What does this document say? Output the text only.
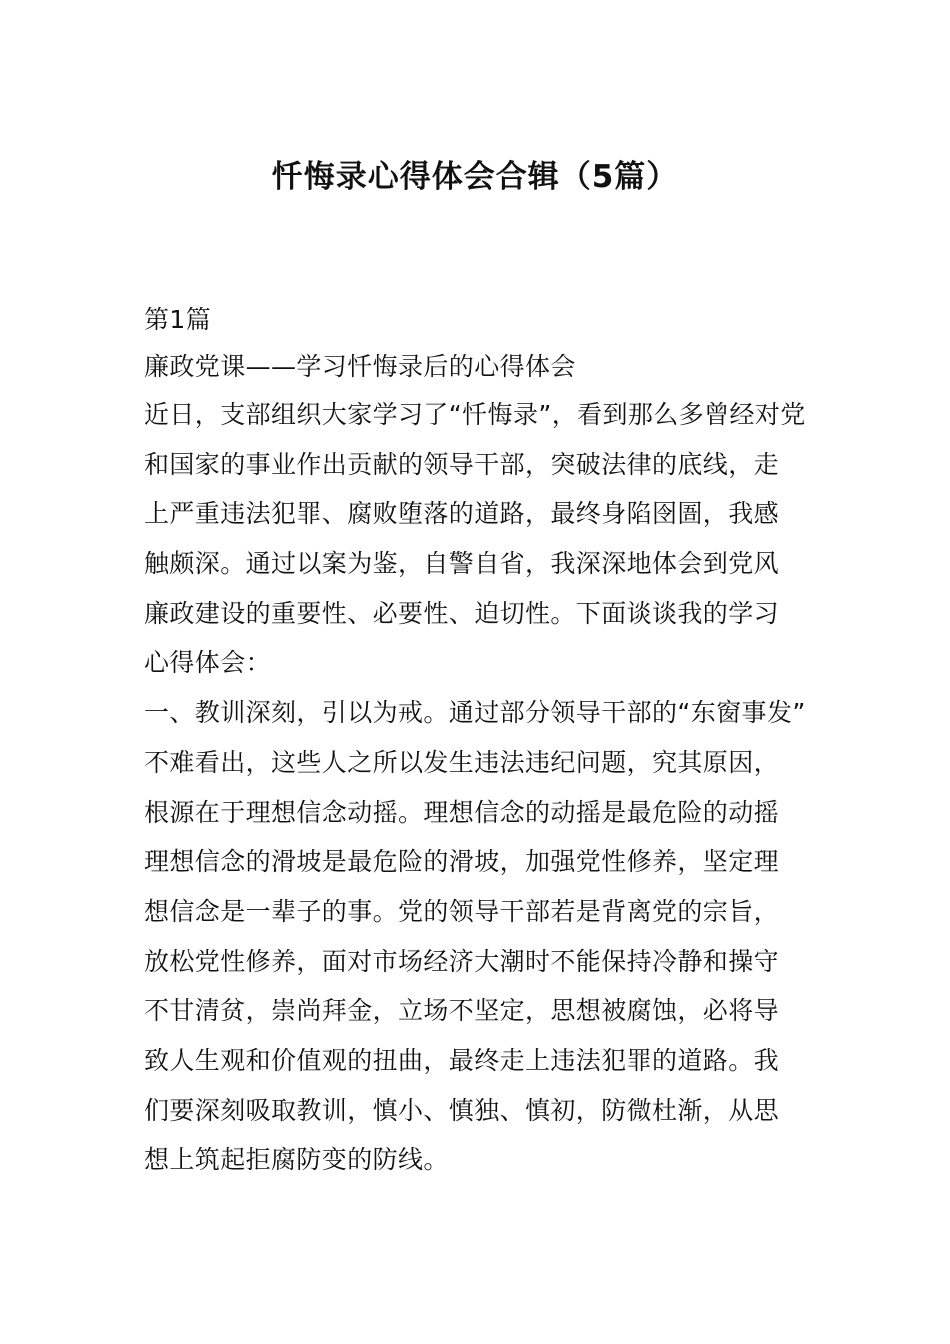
忏悔录心得体会合辑（5篇）
第1篇
廉政党课——学习忏悔录后的心得体会
近日，支部组织大家学习了“忏悔录”，看到那么多曾经对党
和国家的事业作出贡献的领导干部，突破法律的底线，走
上严重违法犯罪、腐败堕落的道路，最终身陷囹圄，我感
触颇深。通过以案为鉴，自警自省，我深深地体会到党风
廉政建设的重要性、必要性、迫切性。下面谈谈我的学习
心得体会：
一、教训深刻，引以为戒。通过部分领导干部的“东窗事发”
不难看出，这些人之所以发生违法违纪问题，究其原因，
根源在于理想信念动摇。理想信念的动摇是最危险的动摇
理想信念的滑坡是最危险的滑坡，加强党性修养，坚定理
想信念是一辈子的事。党的领导干部若是背离党的宗旨，
放松党性修养，面对市场经济大潮时不能保持冷静和操守
不甘清贫，崇尚拜金，立场不坚定，思想被腐蚀，必将导
致人生观和价值观的扭曲，最终走上违法犯罪的道路。我
们要深刻吸取教训，慎小、慎独、慎初，防微杜渐，从思
想上筑起拒腐防变的防线。
